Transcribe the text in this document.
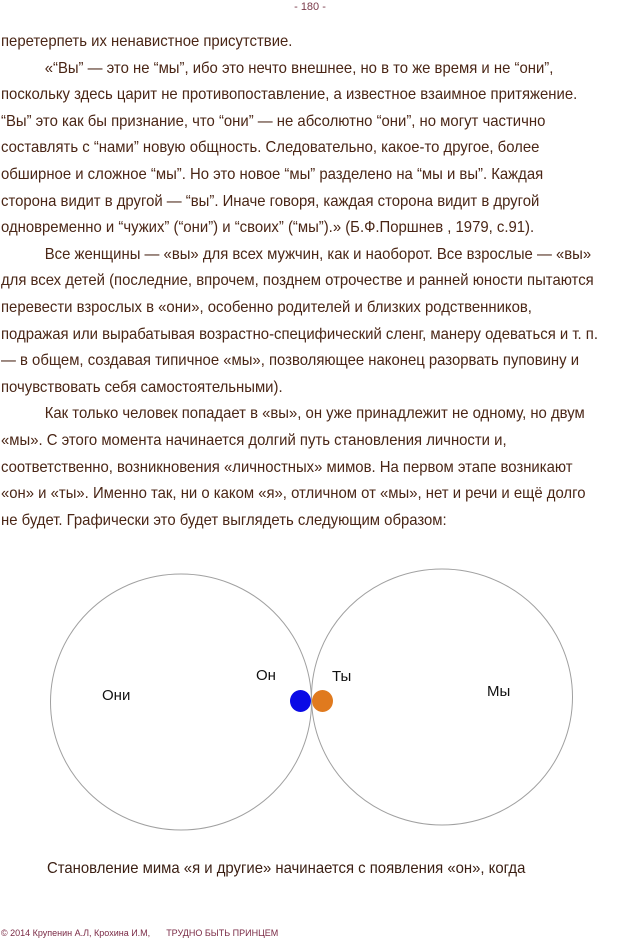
- 180 -
перетерпеть их ненавистное присутствие.
«“Вы” — это не “мы”, ибо это нечто внешнее, но в то же время и не “они”,
поскольку здесь царит не противопоставление, а известное взаимное притяжение.
“Вы” это как бы признание, что “они” — не абсолютно “они”, но могут частично
составлять с “нами” новую общность. Следовательно, какое-то другое, более
обширное и сложное “мы”. Но это новое “мы” разделено на “мы и вы”. Каждая
сторона видит в другой — “вы”. Иначе говоря, каждая сторона видит в другой
одновременно и “чужих” (“они”) и “своих” (“мы”).» (Б.Ф.Поршнев , 1979, с.91).
Все женщины — «вы» для всех мужчин, как и наоборот. Все взрослые — «вы»
для всех детей (последние, впрочем, позднем отрочестве и ранней юности пытаются
перевести взрослых в «они», особенно родителей и близких родственников,
подражая или вырабатывая возрастно-специфический сленг, манеру одеваться и т. п.
— в общем, создавая типичное «мы», позволяющее наконец разорвать пуповину и
почувствовать себя самостоятельными).
Как только человек попадает в «вы», он уже принадлежит не одному, но двум
«мы». С этого момента начинается долгий путь становления личности и,
соответственно, возникновения «личностных» мимов. На первом этапе возникают
«он» и «ты». Именно так, ни о каком «я», отличном от «мы», нет и речи и ещё долго
не будет. Графически это будет выглядеть следующим образом:
Они
Он	Ты
Мы
Становление мима «я и другие» начинается с появления «он», когда
© 2014 Крупенин А.Л, Крохина И.М, ТРУДНО БЫТЬ ПРИНЦЕМ
